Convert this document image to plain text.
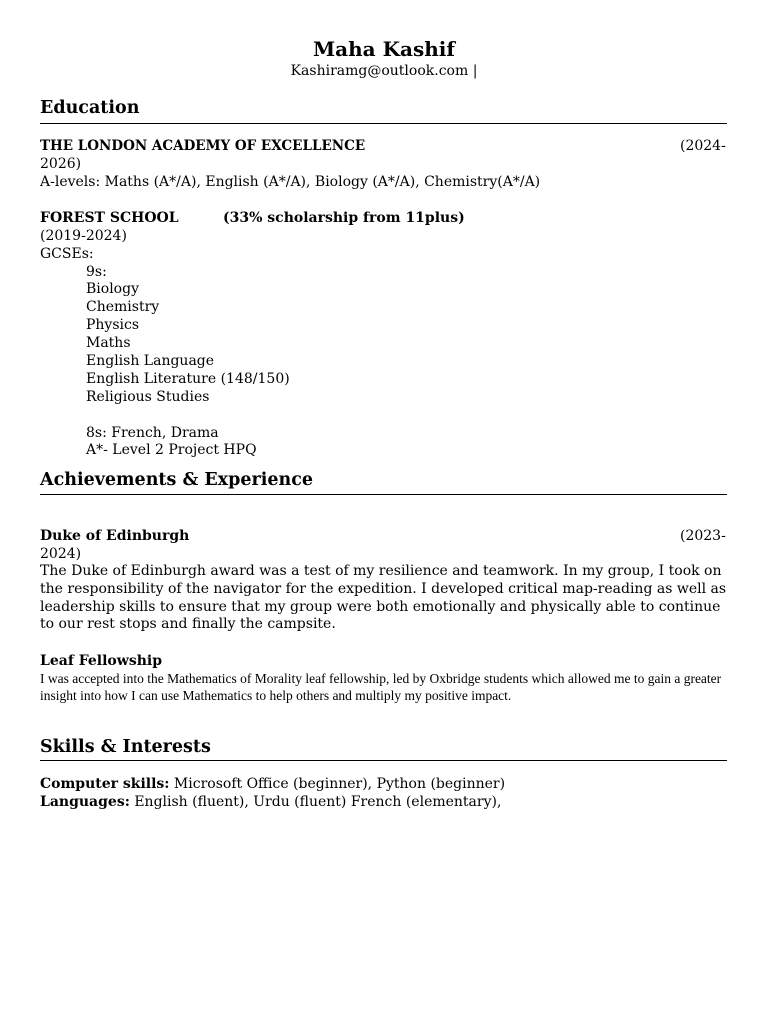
Maha Kashif
Kashiramg@outlook.com |
Education
THE LONDON ACADEMY OF EXCELLENCE	(2024-
2026)
A-levels: Maths (A*/A), English (A*/A), Biology (A*/A), Chemistry(A*/A)
FOREST SCHOOL	(33% scholarship from 11plus)
(2019-2024)
GCSEs:
9s:
Biology
Chemistry
Physics
Maths
English Language
English Literature (148/150)
Religious Studies
8s: French, Drama
A*- Level 2 Project HPQ
Achievements & Experience
Duke of Edinburgh	(2023-
2024)
The Duke of Edinburgh award was a test of my resilience and teamwork. In my group, I took on the responsibility of the navigator for the expedition. I developed critical map-reading as well as leadership skills to ensure that my group were both emotionally and physically able to continue to our rest stops and finally the campsite.
Leaf Fellowship
I was accepted into the Mathematics of Morality leaf fellowship, led by Oxbridge students which allowed me to gain a greater insight into how I can use Mathematics to help others and multiply my positive impact.
Skills & Interests
Computer skills: Microsoft Office (beginner), Python (beginner)
Languages: English (fluent), Urdu (fluent) French (elementary),
